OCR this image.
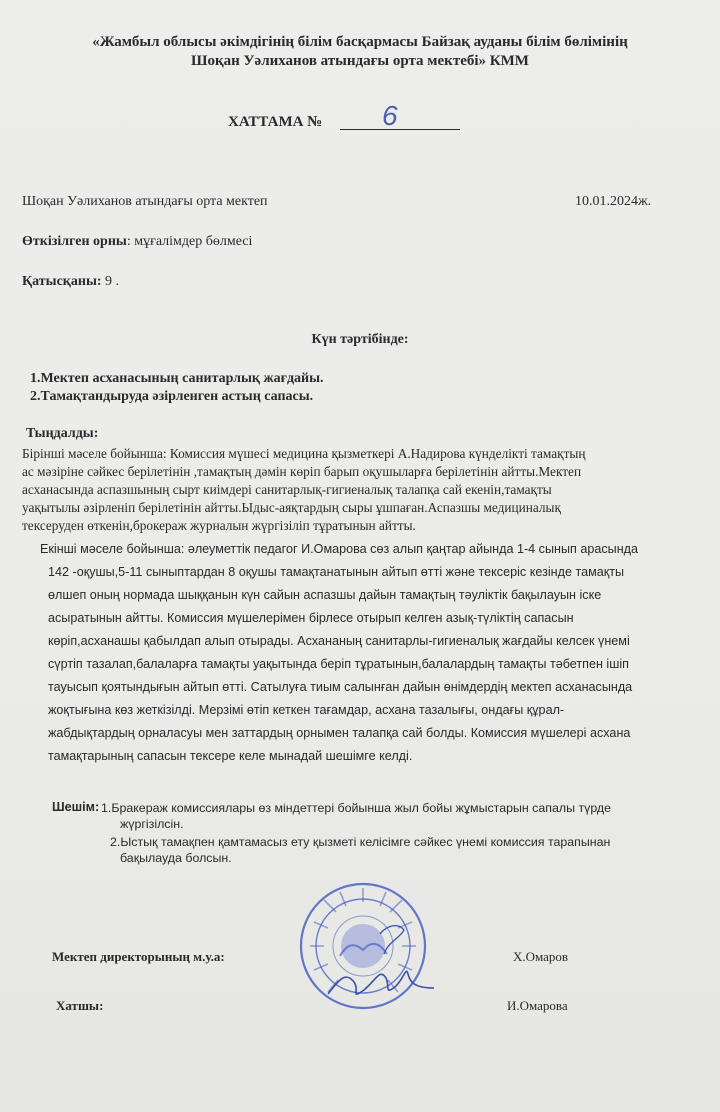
«Жамбыл облысы әкімдігінің білім басқармасы Байзақ ауданы білім бөлімінің
Шоқан Уәлиханов атындағы орта мектебі» КММ
ХАТТАМА № 6
Шоқан Уәлиханов атындағы орта мектеп	10.01.2024ж.
Өткізілген орны: мұғалімдер бөлмесі
Қатысқаны: 9 .
Күн тәртібінде:
1.Мектеп асханасының санитарлық жағдайы.
2.Тамақтандыруда әзірленген астың сапасы.
Тыңдалды:
Бірінші мәселе бойынша: Комиссия мүшесі медицина қызметкері А.Надирова күнделікті тамақтың
ас мәзіріне сәйкес берілетінін ,тамақтың дәмін көріп барып оқушыларға берілетінін айтты.Мектеп
асханасында аспазшының сырт киімдері санитарлық-гигиеналық талапқа сай екенін,тамақты
уақытылы әзірленіп берілетінін айтты.Ыдыс-аяқтардың сыры ұшпаған.Аспазшы медициналық
тексеруден өткенін,брокераж журналын жүргізіліп тұратынын айтты.
Екінші мәселе бойынша: әлеуметтік педагог И.Омарова сөз алып қаңтар айында 1-4 сынып арасында
142 -оқушы,5-11 сыныптардан 8 оқушы тамақтанатынын айтып өтті және тексеріс кезінде тамақты
өлшеп оның нормада шыққанын күн сайын аспазшы дайын тамақтың тәуліктік бақылауын іске
асыратынын айтты. Комиссия мүшелерімен бірлесе отырып келген азық-түліктің сапасын
көріп,асханашы қабылдап алып отырады. Асхананың санитарлы-гигиеналық жағдайы келсек үнемі
сүртіп тазалап,балаларға тамақты уақытында беріп тұратынын,балалардың тамақты тәбетпен ішіп
тауысып қоятындығын айтып өтті. Сатылуға тиым салынған дайын өнімдердің мектеп асханасында
жоқтығына көз жеткізілді. Мерзімі өтіп кеткен тағамдар, асхана тазалығы, ондағы құрал-
жабдықтардың орналасуы мен заттардың орнымен талапқа сай болды. Комиссия мүшелері асхана
тамақтарының сапасын тексере келе мынадай шешімге келді.
Шешім: 1.Бракераж комиссиялары өз міндеттері бойынша жыл бойы жұмыстарын сапалы түрде
жүргізілсін.
2.Ыстық тамақпен қамтамасыз ету қызметі келісімге сәйкес үнемі комиссия тарапынан
бақылауда болсын.
Мектеп директорының м.у.а:	Х.Омаров
Хатшы:	И.Омарова
